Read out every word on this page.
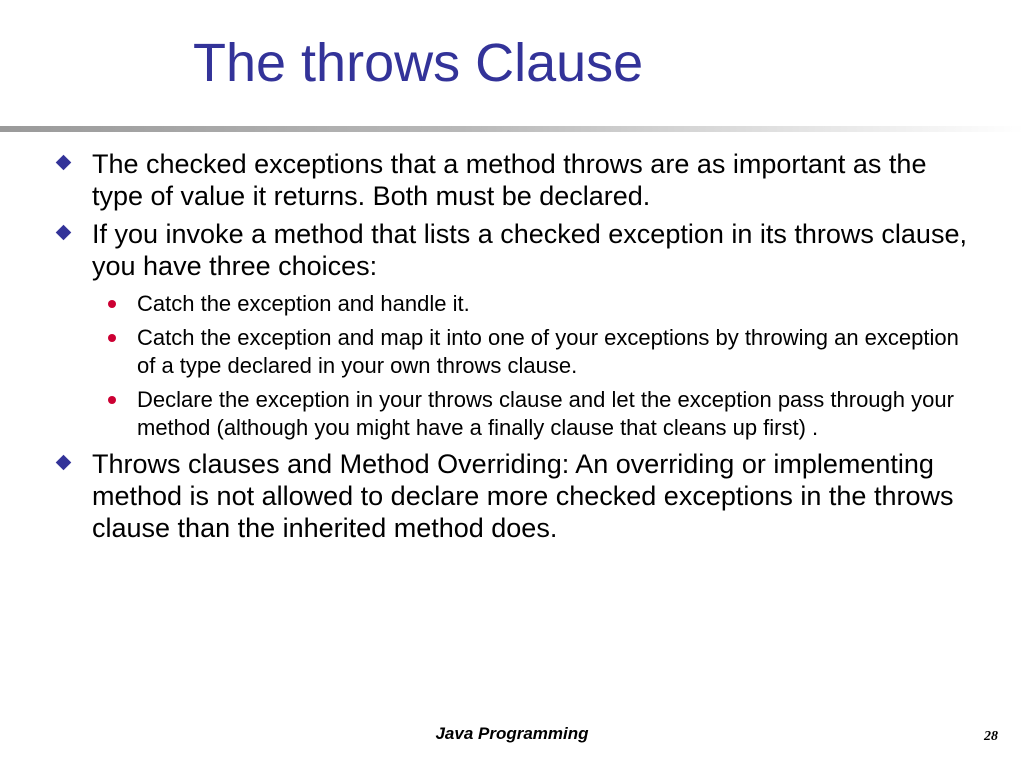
The throws Clause
The checked exceptions that a method throws are as important as the type of value it returns. Both must be declared.
If you invoke a method that lists a checked exception in its throws clause, you have three choices:
Catch the exception and handle it.
Catch the exception and map it into one of your exceptions by throwing an exception of a type declared in your own throws clause.
Declare the exception in your throws clause and let the exception pass through your method (although you might have a finally clause that cleans up first) .
Throws clauses and Method Overriding: An overriding or implementing method is not allowed to declare more checked exceptions in the throws clause than the inherited method does.
Java Programming	28
